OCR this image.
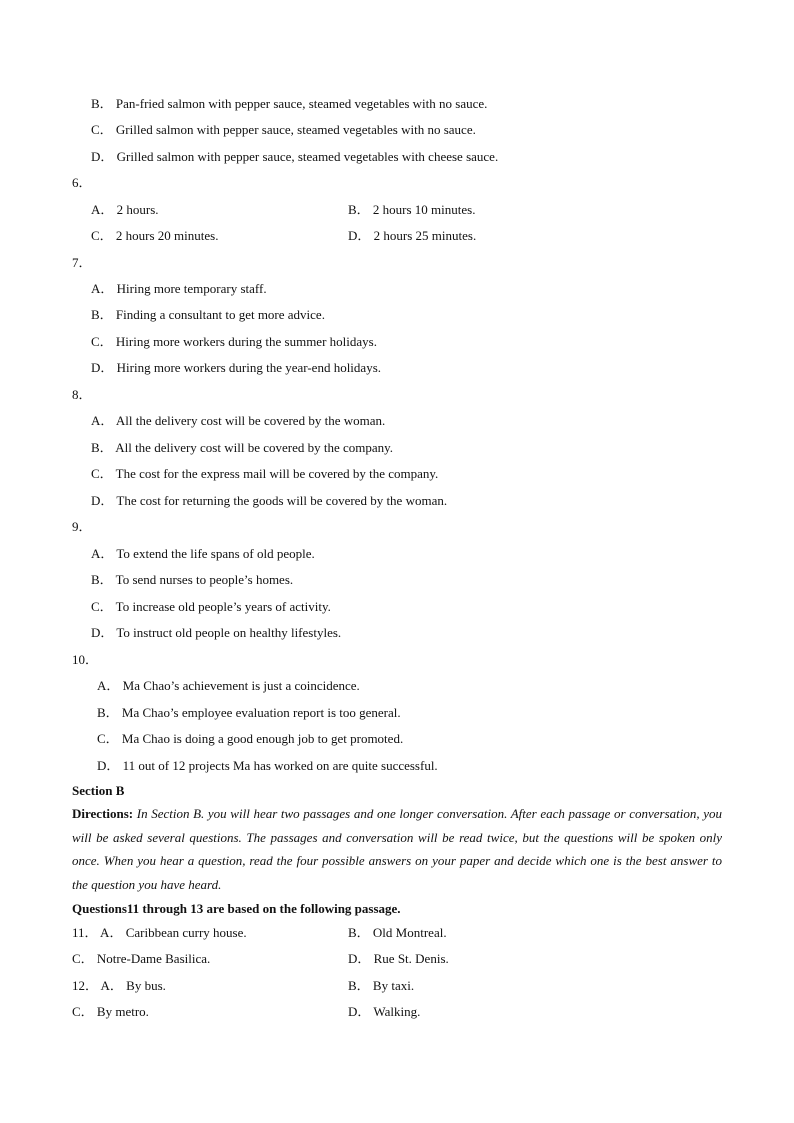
B． Pan-fried salmon with pepper sauce, steamed vegetables with no sauce.
C． Grilled salmon with pepper sauce, steamed vegetables with no sauce.
D． Grilled salmon with pepper sauce, steamed vegetables with cheese sauce.
6．
A． 2 hours.	B． 2 hours 10 minutes.
C． 2 hours 20 minutes.	D． 2 hours 25 minutes.
7．
A． Hiring more temporary staff.
B． Finding a consultant to get more advice.
C． Hiring more workers during the summer holidays.
D． Hiring more workers during the year-end holidays.
8．
A． All the delivery cost will be covered by the woman.
B． All the delivery cost will be covered by the company.
C． The cost for the express mail will be covered by the company.
D． The cost for returning the goods will be covered by the woman.
9．
A． To extend the life spans of old people.
B． To send nurses to people’s homes.
C． To increase old people’s years of activity.
D． To instruct old people on healthy lifestyles.
10．
A． Ma Chao’s achievement is just a coincidence.
B． Ma Chao’s employee evaluation report is too general.
C． Ma Chao is doing a good enough job to get promoted.
D． 11 out of 12 projects Ma has worked on are quite successful.
Section B
Directions: In Section B. you will hear two passages and one longer conversation. After each passage or conversation, you will be asked several questions. The passages and conversation will be read twice, but the questions will be spoken only once. When you hear a question, read the four possible answers on your paper and decide which one is the best answer to the question you have heard.
Questions11 through 13 are based on the following passage.
11． A． Caribbean curry house.	B． Old Montreal.
C． Notre-Dame Basilica.	D． Rue St. Denis.
12． A． By bus.	B． By taxi.
C． By metro.	D． Walking.
